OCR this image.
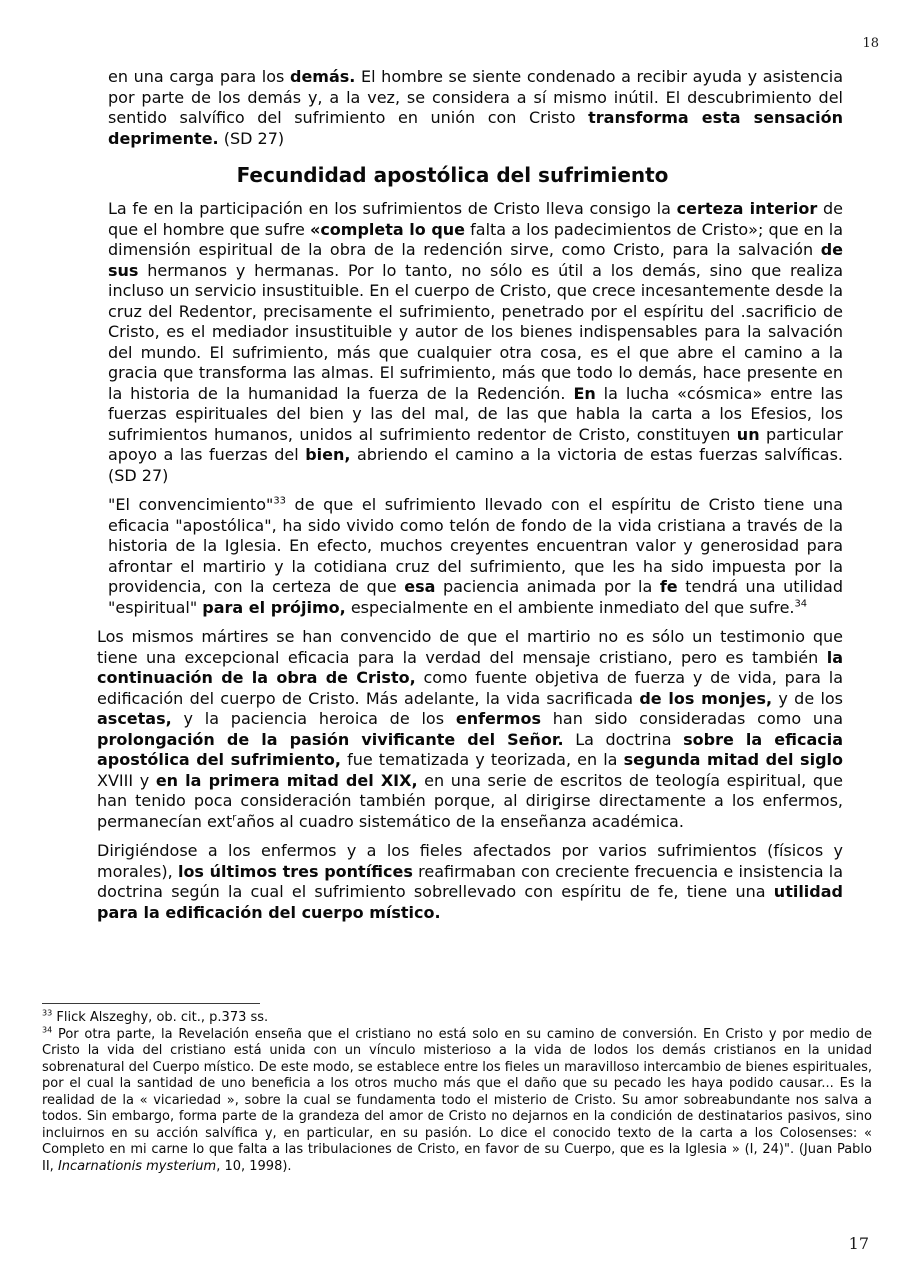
18

en una carga para los demás. El hombre se siente condenado a recibir ayuda y asistencia por parte de los demás y, a la vez, se considera a sí mismo inútil. El descubrimiento del sentido salvífico del sufrimiento en unión con Cristo transforma esta sensación deprimente. (SD 27)

Fecundidad apostólica del sufrimiento

La fe en la participación en los sufrimientos de Cristo lleva consigo la certeza interior de que el hombre que sufre «completa lo que falta a los padecimientos de Cristo»; que en la dimensión espiritual de la obra de la redención sirve, como Cristo, para la salvación de sus hermanos y hermanas. Por lo tanto, no sólo es útil a los demás, sino que realiza incluso un servicio insustituible. En el cuerpo de Cristo, que crece incesantemente desde la cruz del Redentor, precisamente el sufrimiento, penetrado por el espíritu del .sacrificio de Cristo, es el mediador insustituible y autor de los bienes indispensables para la salvación del mundo. El sufrimiento, más que cualquier otra cosa, es el que abre el camino a la gracia que transforma las almas. El sufrimiento, más que todo lo demás, hace presente en la historia de la humanidad la fuerza de la Redención. En la lucha «cósmica» entre las fuerzas espirituales del bien y las del mal, de las que habla la carta a los Efesios, los sufrimientos humanos, unidos al sufrimiento redentor de Cristo, constituyen un particular apoyo a las fuerzas del bien, abriendo el camino a la victoria de estas fuerzas salvíficas. (SD 27)

"El convencimiento"$^{33}$ de que el sufrimiento llevado con el espíritu de Cristo tiene una eficacia "apostólica", ha sido vivido como telón de fondo de la vida cristiana a través de la historia de la Iglesia. En efecto, muchos creyentes encuentran valor y generosidad para afrontar el martirio y la cotidiana cruz del sufrimiento, que les ha sido impuesta por la providencia, con la certeza de que esa paciencia animada por la fe tendrá una utilidad "espiritual" para el prójimo, especialmente en el ambiente inmediato del que sufre.$^{34}$

Los mismos mártires se han convencido de que el martirio no es sólo un testimonio que tiene una excepcional eficacia para la verdad del mensaje cristiano, pero es también la continuación de la obra de Cristo, como fuente objetiva de fuerza y de vida, para la edificación del cuerpo de Cristo. Más adelante, la vida sacrificada de los monjes, y de los ascetas, y la paciencia heroica de los enfermos han sido consideradas como una prolongación de la pasión vivificante del Señor. La doctrina sobre la eficacia apostólica del sufrimiento, fue tematizada y teorizada, en la segunda mitad del siglo XVIII y en la primera mitad del XIX, en una serie de escritos de teología espiritual, que han tenido poca consideración también porque, al dirigirse directamente a los enfermos, permanecían ext$^r$años al cuadro sistemático de la enseñanza académica.

Dirigiéndose a los enfermos y a los fieles afectados por varios sufrimientos (físicos y morales), los últimos tres pontífices reafirmaban con creciente frecuencia e insistencia la doctrina según la cual el sufrimiento sobrellevado con espíritu de fe, tiene una utilidad para la edificación del cuerpo místico.

$^{33}$ Flick Alszeghy, ob. cit., p.373 ss.

$^{34}$ Por otra parte, la Revelación enseña que el cristiano no está solo en su camino de conversión. En Cristo y por medio de Cristo la vida del cristiano está unida con un vínculo misterioso a la vida de lodos los demás cristianos en la unidad sobrenatural del Cuerpo místico. De este modo, se establece entre los fieles un maravilloso intercambio de bienes espirituales, por el cual la santidad de uno beneficia a los otros mucho más que el daño que su pecado les haya podido causar... Es la realidad de la « vicariedad », sobre la cual se fundamenta todo el misterio de Cristo. Su amor sobreabundante nos salva a todos. Sin embargo, forma parte de la grandeza del amor de Cristo no dejarnos en la condición de destinatarios pasivos, sino incluirnos en su acción salvífica y, en particular, en su pasión. Lo dice el conocido texto de la carta a los Colosenses: « Completo en mi carne lo que falta a las tribulaciones de Cristo, en favor de su Cuerpo, que es la Iglesia » (I, 24)". (Juan Pablo II, Incarnationis mysterium, 10, 1998).

17
